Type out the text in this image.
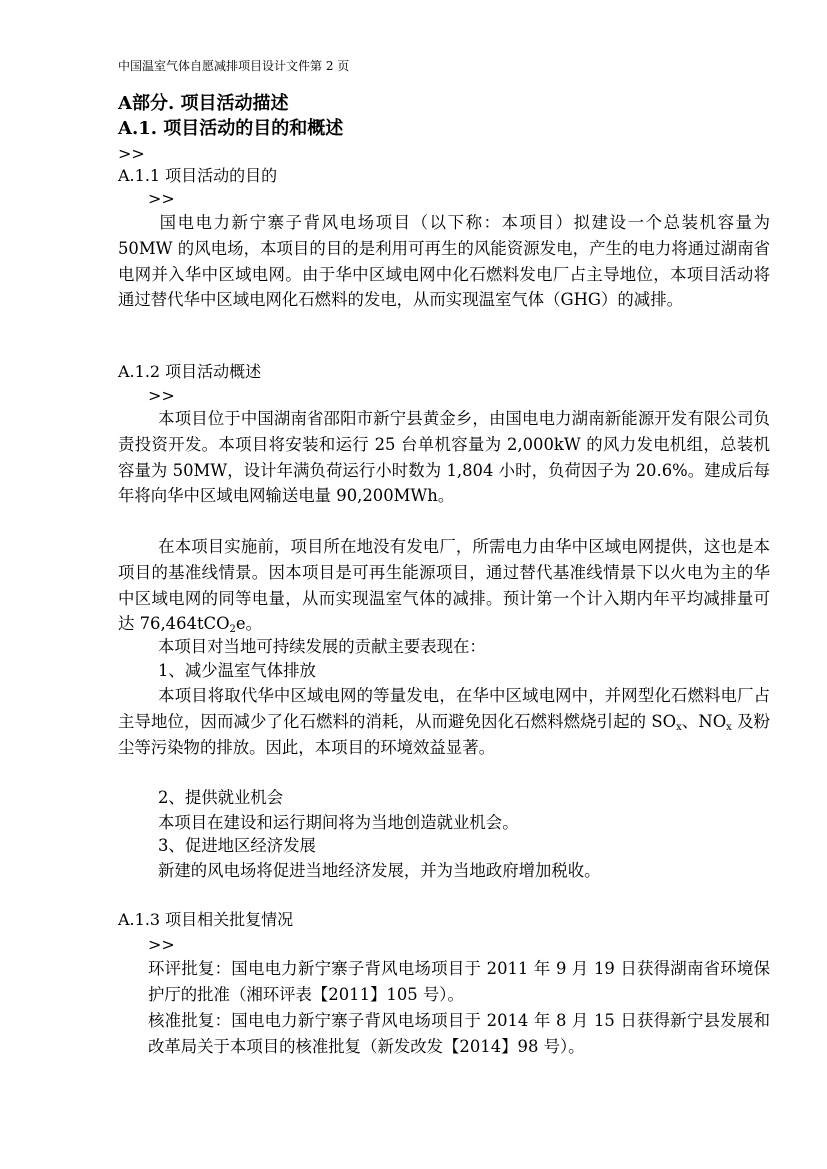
中国温室气体自愿减排项目设计文件第 2 页
A部分. 项目活动描述
A.1. 项目活动的目的和概述
>>
A.1.1 项目活动的目的
>>
国电电力新宁寨子背风电场项目（以下称：本项目）拟建设一个总装机容量为 50MW 的风电场，本项目的目的是利用可再生的风能资源发电，产生的电力将通过湖南省电网并入华中区域电网。由于华中区域电网中化石燃料发电厂占主导地位，本项目活动将通过替代华中区域电网化石燃料的发电，从而实现温室气体（GHG）的减排。
A.1.2 项目活动概述
>>
本项目位于中国湖南省邵阳市新宁县黄金乡，由国电电力湖南新能源开发有限公司负责投资开发。本项目将安装和运行 25 台单机容量为 2,000kW 的风力发电机组，总装机容量为 50MW，设计年满负荷运行小时数为 1,804 小时，负荷因子为 20.6%。建成后每年将向华中区域电网输送电量 90,200MWh。
在本项目实施前，项目所在地没有发电厂，所需电力由华中区域电网提供，这也是本项目的基准线情景。因本项目是可再生能源项目，通过替代基准线情景下以火电为主的华中区域电网的同等电量，从而实现温室气体的减排。预计第一个计入期内年平均减排量可达 76,464tCO$_2$e。
本项目对当地可持续发展的贡献主要表现在：
1、减少温室气体排放
本项目将取代华中区域电网的等量发电，在华中区域电网中，并网型化石燃料电厂占主导地位，因而减少了化石燃料的消耗，从而避免因化石燃料燃烧引起的 $SO_x$、$NO_x$ 及粉尘等污染物的排放。因此，本项目的环境效益显著。
2、提供就业机会
本项目在建设和运行期间将为当地创造就业机会。
3、促进地区经济发展
新建的风电场将促进当地经济发展，并为当地政府增加税收。
A.1.3 项目相关批复情况
>>
环评批复：国电电力新宁寨子背风电场项目于 2011 年 9 月 19 日获得湖南省环境保护厅的批准（湘环评表【2011】105 号）。
核准批复：国电电力新宁寨子背风电场项目于 2014 年 8 月 15 日获得新宁县发展和改革局关于本项目的核准批复（新发改发【2014】98 号）。
